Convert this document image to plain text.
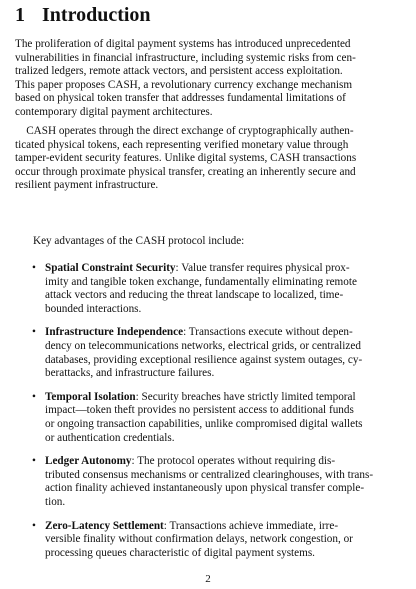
1 Introduction

The proliferation of digital payment systems has introduced unprecedented
vulnerabilities in financial infrastructure, including systemic risks from cen-
tralized ledgers, remote attack vectors, and persistent access exploitation.
This paper proposes CASH, a revolutionary currency exchange mechanism
based on physical token transfer that addresses fundamental limitations of
contemporary digital payment architectures.

 CASH operates through the direct exchange of cryptographically authen-
ticated physical tokens, each representing verified monetary value through
tamper-evident security features. Unlike digital systems, CASH transactions
occur through proximate physical transfer, creating an inherently secure and
resilient payment infrastructure.

Key advantages of the CASH protocol include:

• Spatial Constraint Security: Value transfer requires physical prox-
imity and tangible token exchange, fundamentally eliminating remote
attack vectors and reducing the threat landscape to localized, time-
bounded interactions.
• Infrastructure Independence: Transactions execute without depen-
dency on telecommunications networks, electrical grids, or centralized
databases, providing exceptional resilience against system outages, cy-
berattacks, and infrastructure failures.
• Temporal Isolation: Security breaches have strictly limited temporal
impact—token theft provides no persistent access to additional funds
or ongoing transaction capabilities, unlike compromised digital wallets
or authentication credentials.
• Ledger Autonomy: The protocol operates without requiring dis-
tributed consensus mechanisms or centralized clearinghouses, with trans-
action finality achieved instantaneously upon physical transfer comple-
tion.
• Zero-Latency Settlement: Transactions achieve immediate, irre-
versible finality without confirmation delays, network congestion, or
processing queues characteristic of digital payment systems.
2
